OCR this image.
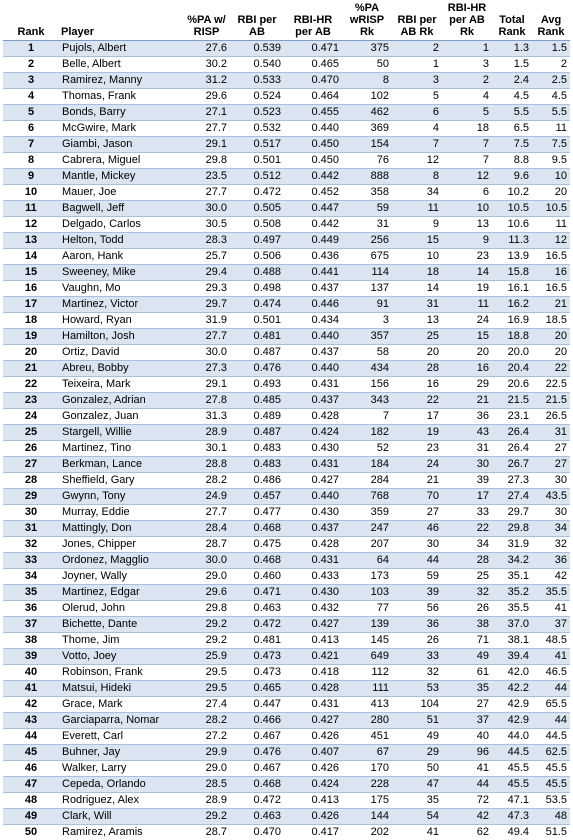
Rank	Player	%PA w/ RISP	RBI per AB	RBI-HR per AB	%PA wRISP Rk	RBI per AB Rk	RBI-HR per AB Rk	Total Rank	Avg Rank
1	Pujols, Albert	27.6	0.539	0.471	375	2	1	1.3	1.5
2	Belle, Albert	30.2	0.540	0.465	50	1	3	1.5	2
3	Ramirez, Manny	31.2	0.533	0.470	8	3	2	2.4	2.5
4	Thomas, Frank	29.6	0.524	0.464	102	5	4	4.5	4.5
5	Bonds, Barry	27.1	0.523	0.455	462	6	5	5.5	5.5
6	McGwire, Mark	27.7	0.532	0.440	369	4	18	6.5	11
7	Giambi, Jason	29.1	0.517	0.450	154	7	7	7.5	7.5
8	Cabrera, Miguel	29.8	0.501	0.450	76	12	7	8.8	9.5
9	Mantle, Mickey	23.5	0.512	0.442	888	8	12	9.6	10
10	Mauer, Joe	27.7	0.472	0.452	358	34	6	10.2	20
11	Bagwell, Jeff	30.0	0.505	0.447	59	11	10	10.5	10.5
12	Delgado, Carlos	30.5	0.508	0.442	31	9	13	10.6	11
13	Helton, Todd	28.3	0.497	0.449	256	15	9	11.3	12
14	Aaron, Hank	25.7	0.506	0.436	675	10	23	13.9	16.5
15	Sweeney, Mike	29.4	0.488	0.441	114	18	14	15.8	16
16	Vaughn, Mo	29.3	0.498	0.437	137	14	19	16.1	16.5
17	Martinez, Victor	29.7	0.474	0.446	91	31	11	16.2	21
18	Howard, Ryan	31.9	0.501	0.434	3	13	24	16.9	18.5
19	Hamilton, Josh	27.7	0.481	0.440	357	25	15	18.8	20
20	Ortiz, David	30.0	0.487	0.437	58	20	20	20.0	20
21	Abreu, Bobby	27.3	0.476	0.440	434	28	16	20.4	22
22	Teixeira, Mark	29.1	0.493	0.431	156	16	29	20.6	22.5
23	Gonzalez, Adrian	27.8	0.485	0.437	343	22	21	21.5	21.5
24	Gonzalez, Juan	31.3	0.489	0.428	7	17	36	23.1	26.5
25	Stargell, Willie	28.9	0.487	0.424	182	19	43	26.4	31
26	Martinez, Tino	30.1	0.483	0.430	52	23	31	26.4	27
27	Berkman, Lance	28.8	0.483	0.431	184	24	30	26.7	27
28	Sheffield, Gary	28.2	0.486	0.427	284	21	39	27.3	30
29	Gwynn, Tony	24.9	0.457	0.440	768	70	17	27.4	43.5
30	Murray, Eddie	27.7	0.477	0.430	359	27	33	29.7	30
31	Mattingly, Don	28.4	0.468	0.437	247	46	22	29.8	34
32	Jones, Chipper	28.7	0.475	0.428	207	30	34	31.9	32
33	Ordonez, Magglio	30.0	0.468	0.431	64	44	28	34.2	36
34	Joyner, Wally	29.0	0.460	0.433	173	59	25	35.1	42
35	Martinez, Edgar	29.6	0.471	0.430	103	39	32	35.2	35.5
36	Olerud, John	29.8	0.463	0.432	77	56	26	35.5	41
37	Bichette, Dante	29.2	0.472	0.427	139	36	38	37.0	37
38	Thome, Jim	29.2	0.481	0.413	145	26	71	38.1	48.5
39	Votto, Joey	25.9	0.473	0.421	649	33	49	39.4	41
40	Robinson, Frank	29.5	0.473	0.418	112	32	61	42.0	46.5
41	Matsui, Hideki	29.5	0.465	0.428	111	53	35	42.2	44
42	Grace, Mark	27.4	0.447	0.431	413	104	27	42.9	65.5
43	Garciaparra, Nomar	28.2	0.466	0.427	280	51	37	42.9	44
44	Everett, Carl	27.2	0.467	0.426	451	49	40	44.0	44.5
45	Buhner, Jay	29.9	0.476	0.407	67	29	96	44.5	62.5
46	Walker, Larry	29.0	0.467	0.426	170	50	41	45.5	45.5
47	Cepeda, Orlando	28.5	0.468	0.424	228	47	44	45.5	45.5
48	Rodriguez, Alex	28.9	0.472	0.413	175	35	72	47.1	53.5
49	Clark, Will	29.2	0.463	0.426	144	54	42	47.3	48
50	Ramirez, Aramis	28.7	0.470	0.417	202	41	62	49.4	51.5
